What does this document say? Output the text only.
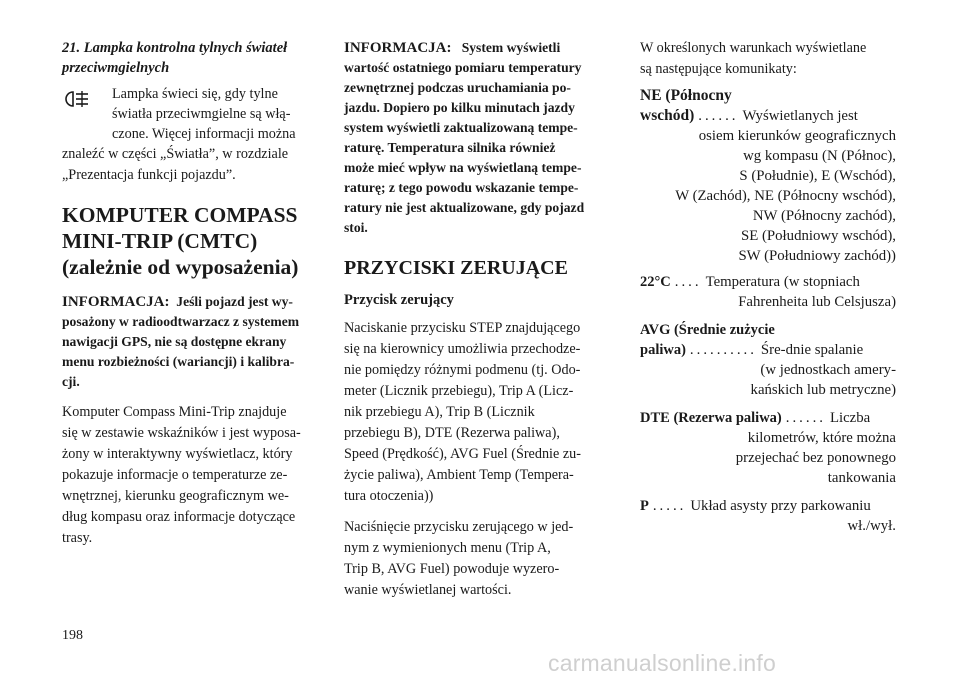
21. Lampka kontrolna tylnych świateł

przeciwmgielnych

Lampka świeci się, gdy tylne

światła przeciwmgielne są włą-

czone. Więcej informacji można

znaleźć w części „Światła”, w rozdziale

„Prezentacja funkcji pojazdu”.

KOMPUTER COMPASS
MINI-TRIP (CMTC)
(zależnie od wyposażenia)

INFORMACJA: Jeśli pojazd jest wy-

posażony w radioodtwarzacz z systemem

nawigacji GPS, nie są dostępne ekrany

menu rozbieżności (wariancji) i kalibra-

cji.

Komputer Compass Mini-Trip znajduje

się w zestawie wskaźników i jest wyposa-

żony w interaktywny wyświetlacz, który

pokazuje informacje o temperaturze ze-

wnętrznej, kierunku geograficznym we-

dług kompasu oraz informacje dotyczące

trasy.

INFORMACJA: System wyświetli

wartość ostatniego pomiaru temperatury

zewnętrznej podczas uruchamiania po-

jazdu. Dopiero po kilku minutach jazdy

system wyświetli zaktualizowaną tempe-

raturę. Temperatura silnika również

może mieć wpływ na wyświetlaną tempe-

raturę; z tego powodu wskazanie tempe-

ratury nie jest aktualizowane, gdy pojazd

stoi.

PRZYCISKI ZERUJĄCE

Przycisk zerujący

Naciskanie przycisku STEP znajdującego

się na kierownicy umożliwia przechodze-

nie pomiędzy różnymi podmenu (tj. Odo-

meter (Licznik przebiegu), Trip A (Licz-

nik przebiegu A), Trip B (Licznik

przebiegu B), DTE (Rezerwa paliwa),

Speed (Prędkość), AVG Fuel (Średnie zu-

życie paliwa), Ambient Temp (Tempera-

tura otoczenia))

Naciśnięcie przycisku zerującego w jed-

nym z wymienionych menu (Trip A,

Trip B, AVG Fuel) powoduje wyzero-

wanie wyświetlanej wartości.

W określonych warunkach wyświetlane

są następujące komunikaty:

NE (Północny

wschód) ...... Wyświetlanych jest

osiem kierunków geograficznych

wg kompasu (N (Północ),

S (Południe), E (Wschód),

W (Zachód), NE (Północny wschód),

NW (Północny zachód),

SE (Południowy wschód),

SW (Południowy zachód))

22°C .... Temperatura (w stopniach

Fahrenheita lub Celsjusza)

AVG (Średnie zużycie

paliwa) .......... Śre-dnie spalanie

(w jednostkach amery-

kańskich lub metryczne)

DTE (Rezerwa paliwa) ...... Liczba

kilometrów, które można

przejechać bez ponownego

tankowania

P ..... Układ asysty przy parkowaniu

wł./wył.

198
carmanualsonline.info
